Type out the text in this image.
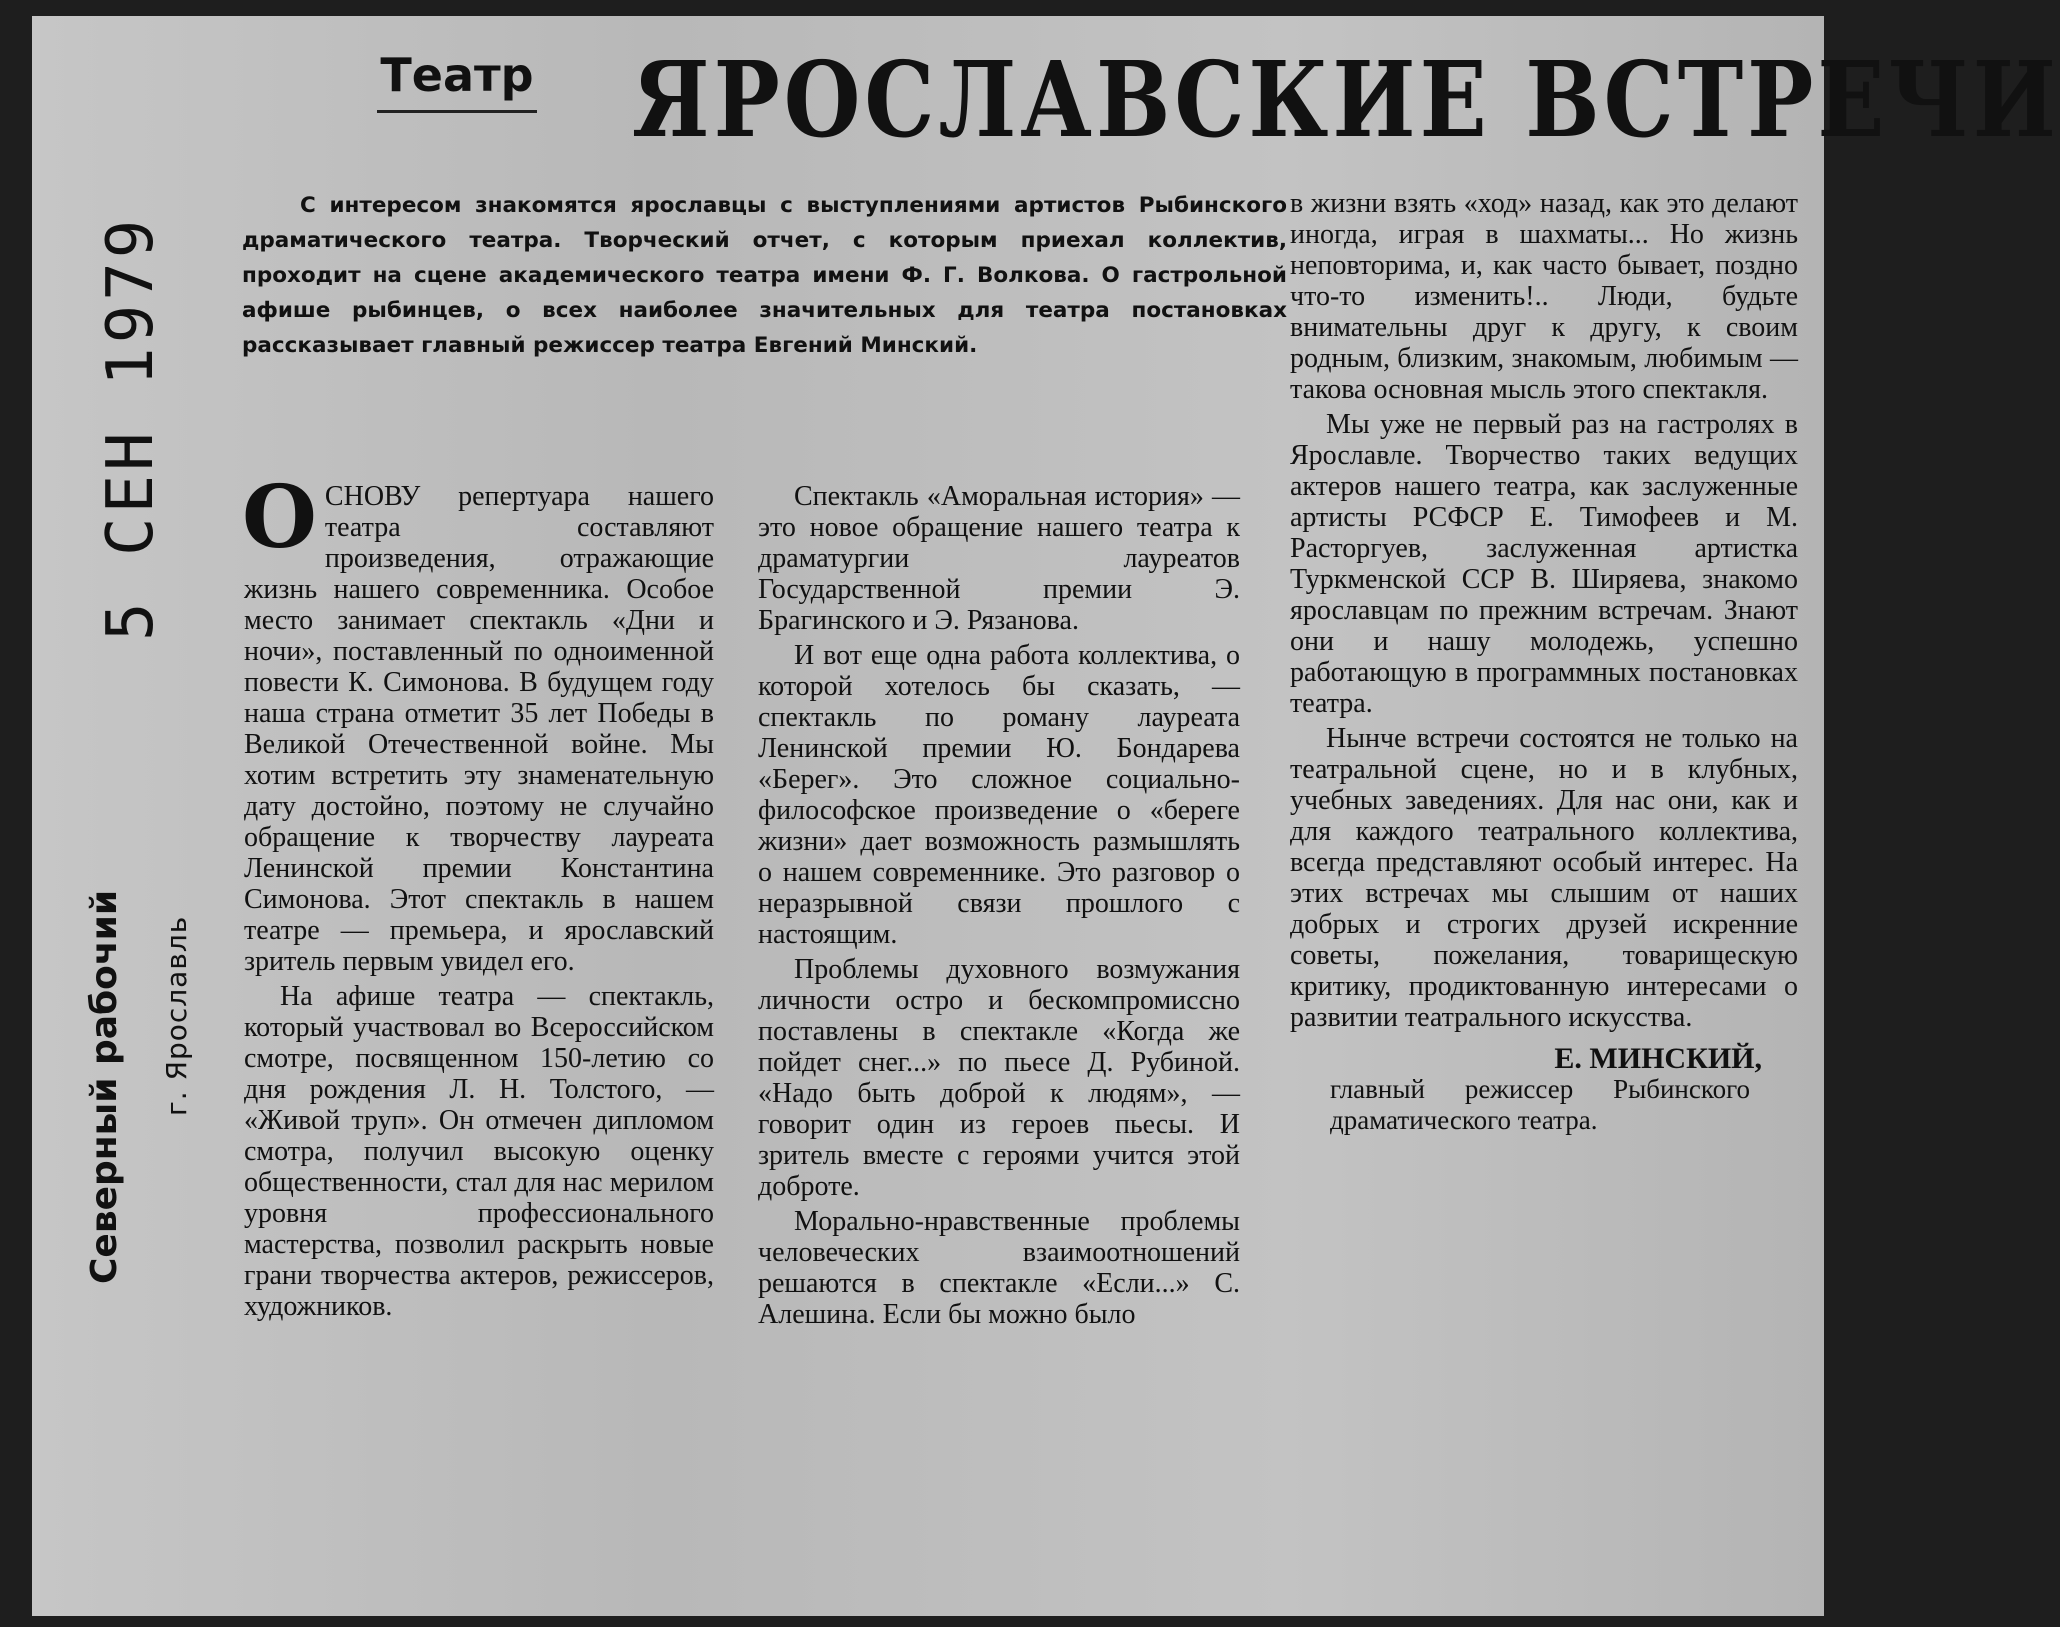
Театр ЯРОСЛАВСКИЕ ВСТРЕЧИ
5 СЕН 1979
Северный рабочий г. Ярославль
С интересом знакомятся ярославцы с выступлениями артистов Рыбинского драматического театра. Творческий отчет, с которым приехал коллектив, проходит на сцене академического театра имени Ф. Г. Волкова. О гастрольной афише рыбинцев, о всех наиболее значительных для театра постановках рассказывает главный режиссер театра Евгений Минский.

ОСНОВУ репертуара нашего театра составляют произведения, отражающие жизнь нашего современника. Особое место занимает спектакль «Дни и ночи», поставленный по одноименной повести К. Симонова. В будущем году наша страна отметит 35 лет Победы в Великой Отечественной войне. Мы хотим встретить эту знаменательную дату достойно, поэтому не случайно обращение к творчеству лауреата Ленинской премии Константина Симонова. Этот спектакль в нашем театре — премьера, и ярославский зритель первым увидел его.

На афише театра — спектакль, который участвовал во Всероссийском смотре, посвященном 150-летию со дня рождения Л. Н. Толстого, — «Живой труп». Он отмечен дипломом смотра, получил высокую оценку общественности, стал для нас мерилом уровня профессионального мастерства, позволил раскрыть новые грани творчества актеров, режиссеров, художников.

Спектакль «Аморальная история» — это новое обращение нашего театра к драматургии лауреатов Государственной премии Э. Брагинского и Э. Рязанова.

И вот еще одна работа коллектива, о которой хотелось бы сказать, — спектакль по роману лауреата Ленинской премии Ю. Бондарева «Берег». Это сложное социально-философское произведение о «береге жизни» дает возможность размышлять о нашем современнике. Это разговор о неразрывной связи прошлого с настоящим.

Проблемы духовного возмужания личности остро и бескомпромиссно поставлены в спектакле «Когда же пойдет снег...» по пьесе Д. Рубиной. «Надо быть доброй к людям», — говорит один из героев пьесы. И зритель вместе с героями учится этой доброте.

Морально-нравственные проблемы человеческих взаимоотношений решаются в спектакле «Если...» С. Алешина. Если бы можно было

в жизни взять «ход» назад, как это делают иногда, играя в шахматы... Но жизнь неповторима, и, как часто бывает, поздно что-то изменить!.. Люди, будьте внимательны друг к другу, к своим родным, близким, знакомым, любимым — такова основная мысль этого спектакля.

Мы уже не первый раз на гастролях в Ярославле. Творчество таких ведущих актеров нашего театра, как заслуженные артисты РСФСР Е. Тимофеев и М. Расторгуев, заслуженная артистка Туркменской ССР В. Ширяева, знакомо ярославцам по прежним встречам. Знают они и нашу молодежь, успешно работающую в программных постановках театра.

Нынче встречи состоятся не только на театральной сцене, но и в клубных, учебных заведениях. Для нас они, как и для каждого театрального коллектива, всегда представляют особый интерес. На этих встречах мы слышим от наших добрых и строгих друзей искренние советы, пожелания, товарищескую критику, продиктованную интересами о развитии театрального искусства.

Е. МИНСКИЙ,
главный режиссер Рыбинского драматического театра.
